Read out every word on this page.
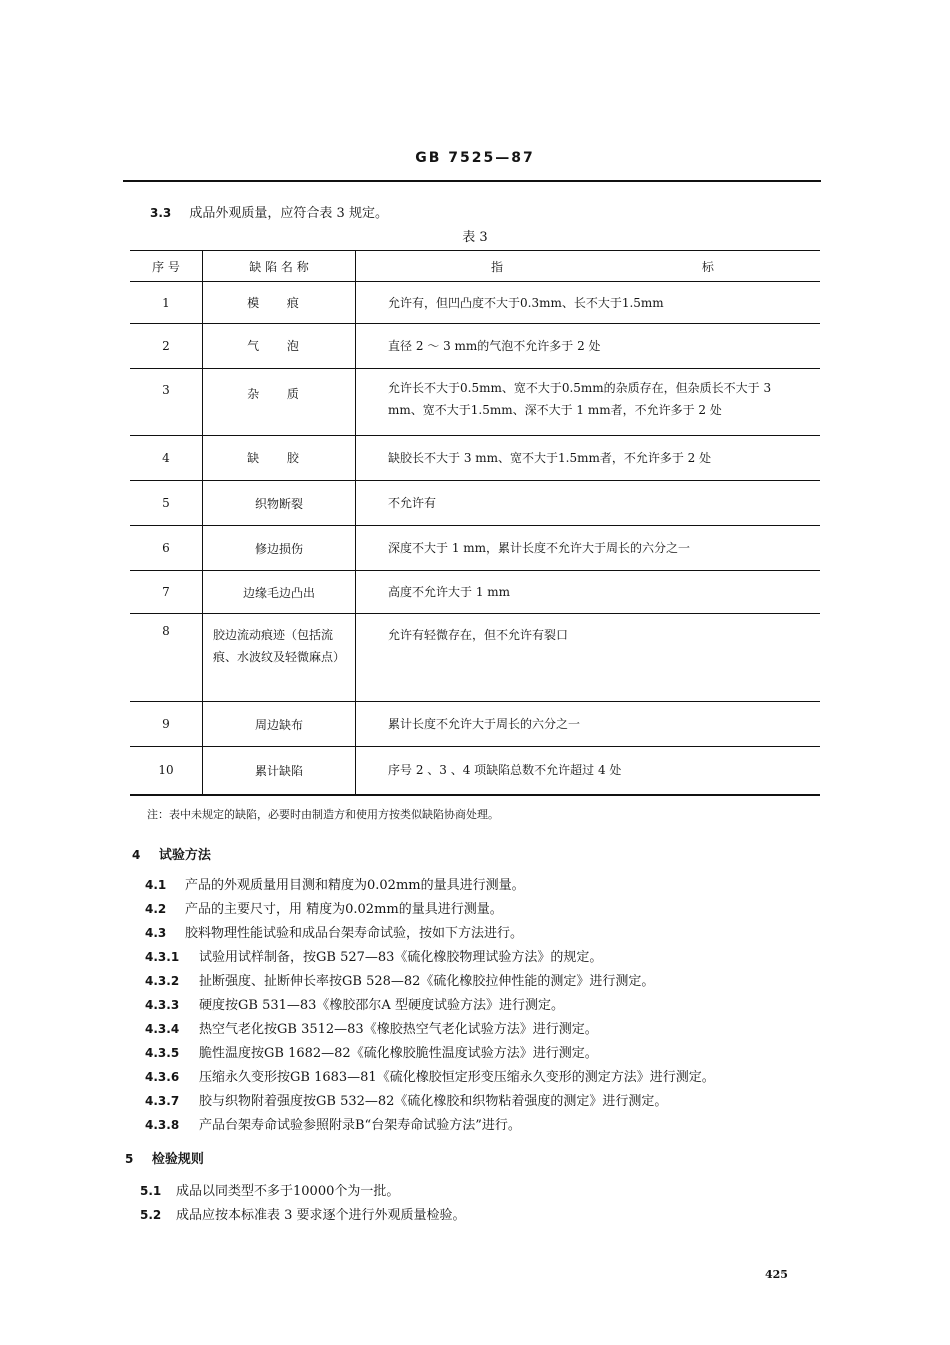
GB 7525—87
3.3 成品外观质量，应符合表 3 规定。
表 3
序 号	缺 陷 名 称	指 标
1	模 痕	允许有，但凹凸度不大于0.3mm、长不大于1.5mm
2	气 泡	直径 2 ～ 3 mm的气泡不允许多于 2 处
3	杂 质	允许长不大于0.5mm、宽不大于0.5mm的杂质存在，但杂质长不大于 3 mm、宽不大于1.5mm、深不大于 1 mm者，不允许多于 2 处
4	缺 胶	缺胶长不大于 3 mm、宽不大于1.5mm者，不允许多于 2 处
5	织物断裂	不允许有
6	修边损伤	深度不大于 1 mm，累计长度不允许大于周长的六分之一
7	边缘毛边凸出	高度不允许大于 1 mm
8	胶边流动痕迹（包括流痕、水波纹及轻微麻点）	允许有轻微存在，但不允许有裂口
9	周边缺布	累计长度不允许大于周长的六分之一
10	累计缺陷	序号 2 、3 、4 项缺陷总数不允许超过 4 处
注：表中未规定的缺陷，必要时由制造方和使用方按类似缺陷协商处理。
4 试验方法
4.1 产品的外观质量用目测和精度为0.02mm的量具进行测量。
4.2 产品的主要尺寸，用 精度为0.02mm的量具进行测量。
4.3 胶料物理性能试验和成品台架寿命试验，按如下方法进行。
4.3.1 试验用试样制备，按GB 527—83《硫化橡胶物理试验方法》的规定。
4.3.2 扯断强度、扯断伸长率按GB 528—82《硫化橡胶拉伸性能的测定》进行测定。
4.3.3 硬度按GB 531—83《橡胶邵尔A 型硬度试验方法》进行测定。
4.3.4 热空气老化按GB 3512—83《橡胶热空气老化试验方法》进行测定。
4.3.5 脆性温度按GB 1682—82《硫化橡胶脆性温度试验方法》进行测定。
4.3.6 压缩永久变形按GB 1683—81《硫化橡胶恒定形变压缩永久变形的测定方法》进行测定。
4.3.7 胶与织物附着强度按GB 532—82《硫化橡胶和织物粘着强度的测定》进行测定。
4.3.8 产品台架寿命试验参照附录B“台架寿命试验方法”进行。
5 检验规则
5.1 成品以同类型不多于10000个为一批。
5.2 成品应按本标准表 3 要求逐个进行外观质量检验。
425
